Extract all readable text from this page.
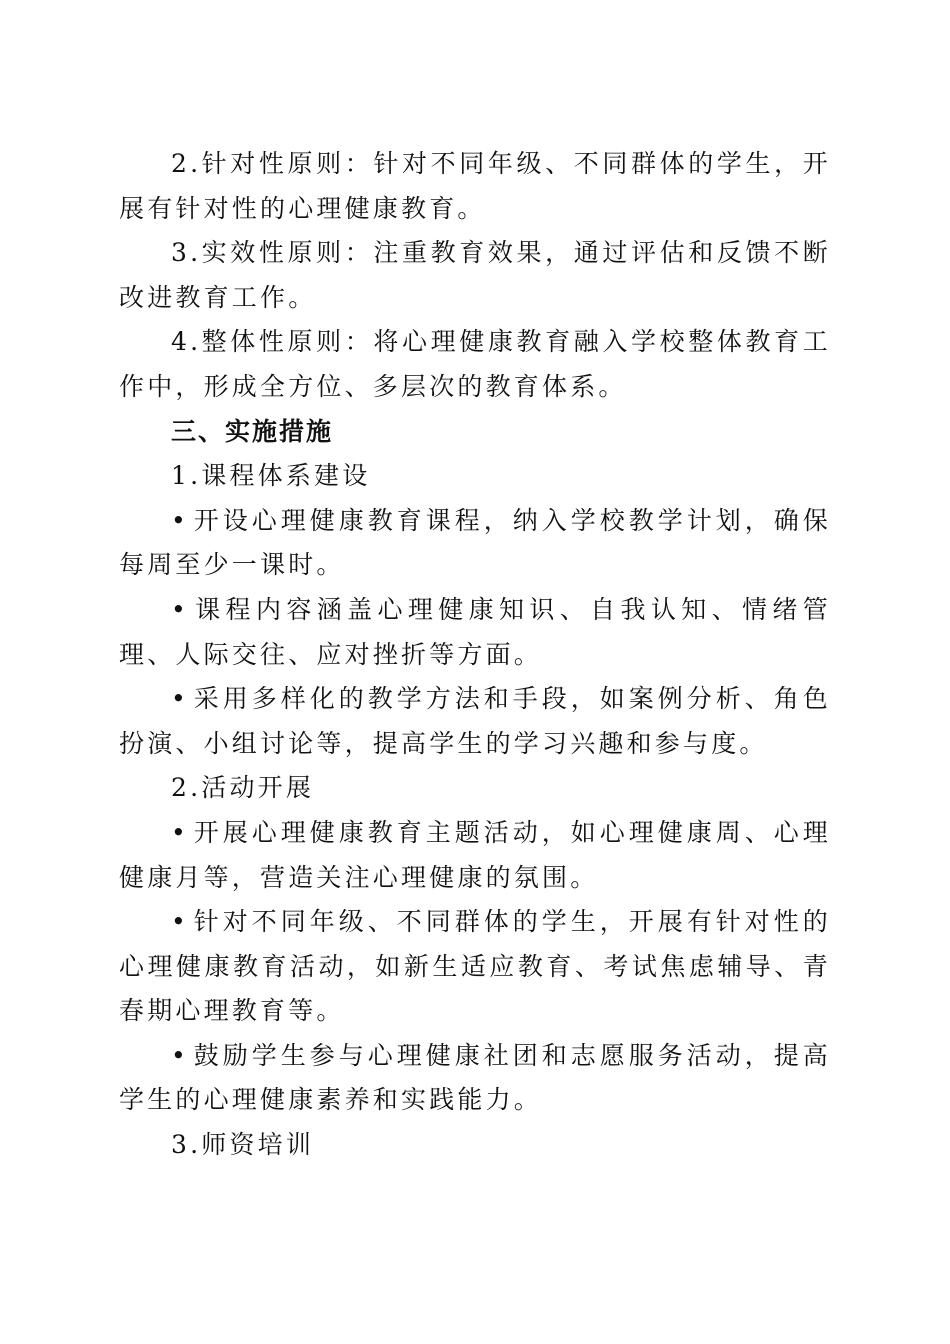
2.针对性原则：针对不同年级、不同群体的学生，开展有针对性的心理健康教育。

3.实效性原则：注重教育效果，通过评估和反馈不断改进教育工作。

4.整体性原则：将心理健康教育融入学校整体教育工作中，形成全方位、多层次的教育体系。

三、实施措施

1.课程体系建设

• 开设心理健康教育课程，纳入学校教学计划，确保每周至少一课时。

• 课程内容涵盖心理健康知识、自我认知、情绪管理、人际交往、应对挫折等方面。

• 采用多样化的教学方法和手段，如案例分析、角色扮演、小组讨论等，提高学生的学习兴趣和参与度。

2.活动开展

• 开展心理健康教育主题活动，如心理健康周、心理健康月等，营造关注心理健康的氛围。

• 针对不同年级、不同群体的学生，开展有针对性的心理健康教育活动，如新生适应教育、考试焦虑辅导、青春期心理教育等。

• 鼓励学生参与心理健康社团和志愿服务活动，提高学生的心理健康素养和实践能力。

3.师资培训
